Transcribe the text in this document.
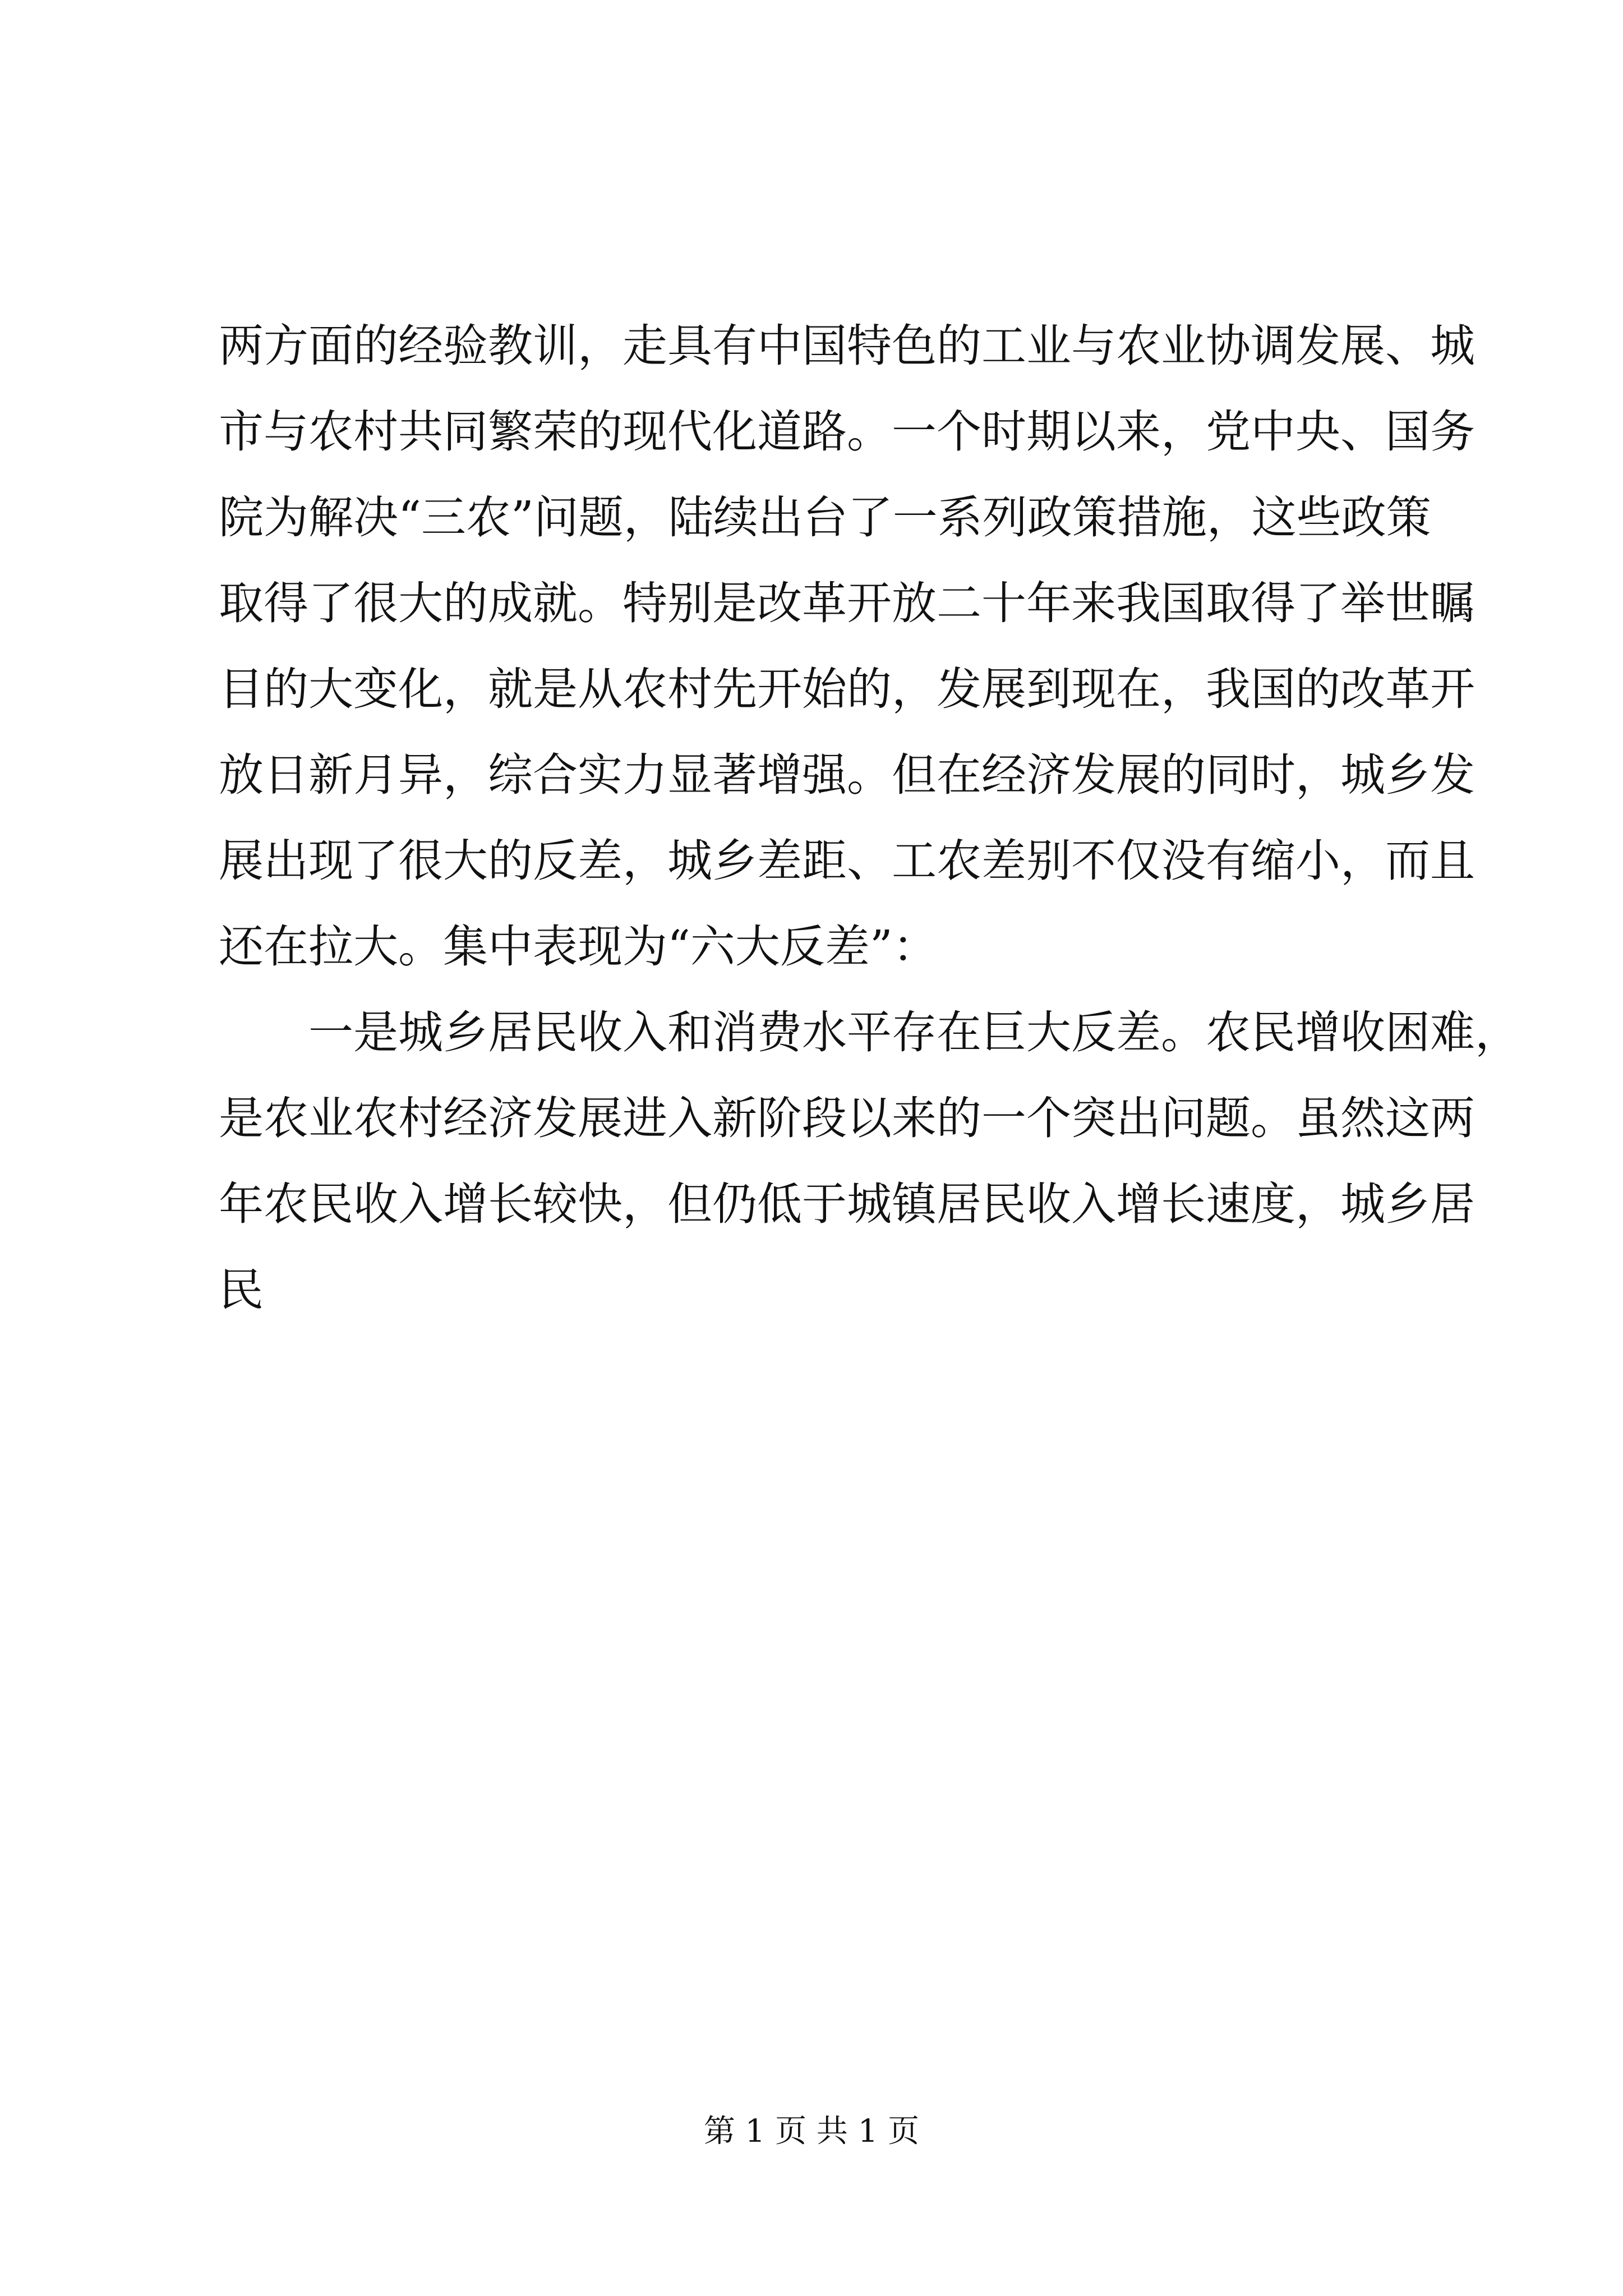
两方面的经验教训，走具有中国特色的工业与农业协调发展、城
市与农村共同繁荣的现代化道路。一个时期以来，党中央、国务
院为解决“三农”问题，陆续出台了一系列政策措施，这些政策
取得了很大的成就。特别是改革开放二十年来我国取得了举世瞩
目的大变化，就是从农村先开始的，发展到现在，我国的改革开
放日新月异，综合实力显著增强。但在经济发展的同时，城乡发
展出现了很大的反差，城乡差距、工农差别不仅没有缩小，而且
还在拉大。集中表现为“六大反差”：
一是城乡居民收入和消费水平存在巨大反差。农民增收困难，
是农业农村经济发展进入新阶段以来的一个突出问题。虽然这两
年农民收入增长较快，但仍低于城镇居民收入增长速度，城乡居
民
第 1 页 共 1 页
